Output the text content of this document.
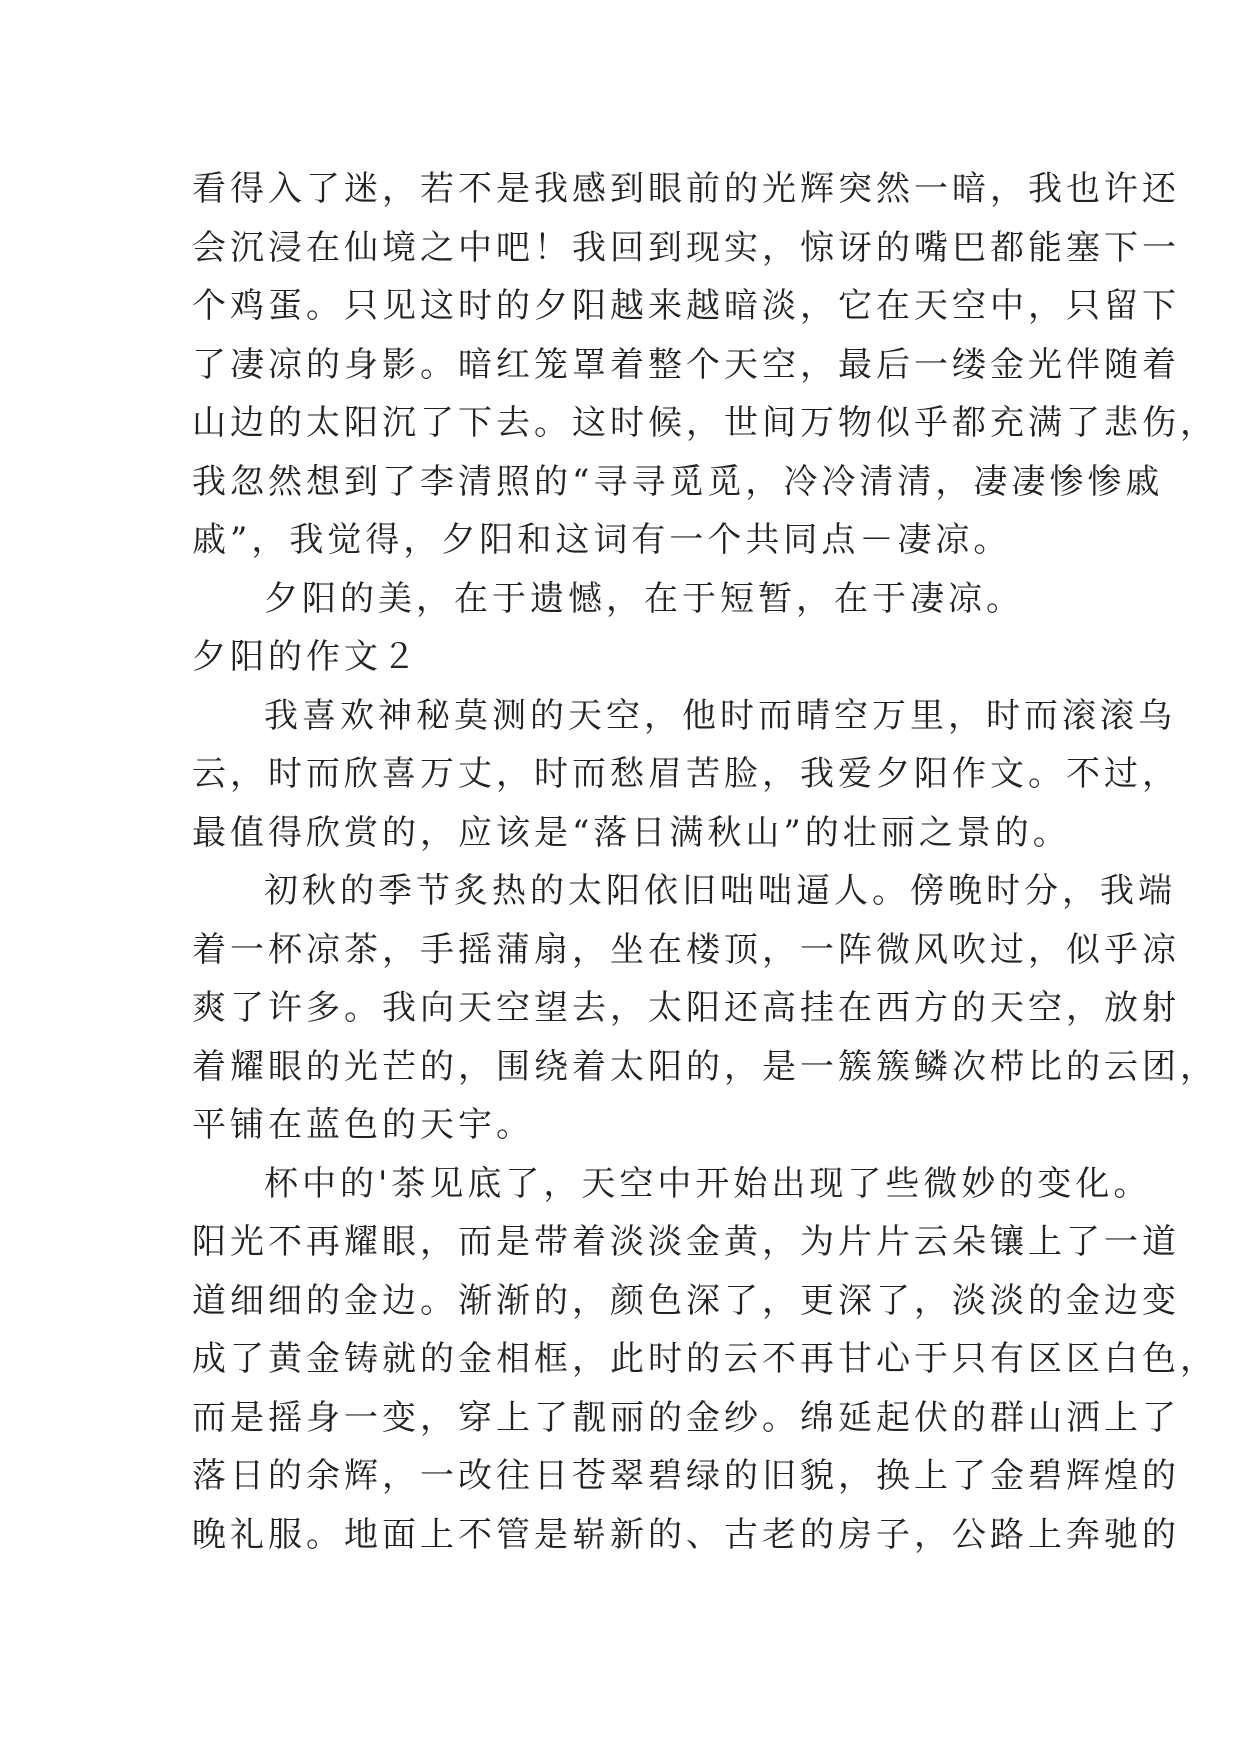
看得入了迷，若不是我感到眼前的光辉突然一暗，我也许还
会沉浸在仙境之中吧！我回到现实，惊讶的嘴巴都能塞下一
个鸡蛋。只见这时的夕阳越来越暗淡，它在天空中，只留下
了凄凉的身影。暗红笼罩着整个天空，最后一缕金光伴随着
山边的太阳沉了下去。这时候，世间万物似乎都充满了悲伤，
我忽然想到了李清照的“寻寻觅觅，冷冷清清，凄凄惨惨戚
戚”，我觉得，夕阳和这词有一个共同点－凄凉。
夕阳的美，在于遗憾，在于短暂，在于凄凉。
夕阳的作文２
我喜欢神秘莫测的天空，他时而晴空万里，时而滚滚乌
云，时而欣喜万丈，时而愁眉苦脸，我爱夕阳作文。不过，
最值得欣赏的，应该是“落日满秋山”的壮丽之景的。
初秋的季节炙热的太阳依旧咄咄逼人。傍晚时分，我端
着一杯凉茶，手摇蒲扇，坐在楼顶，一阵微风吹过，似乎凉
爽了许多。我向天空望去，太阳还高挂在西方的天空，放射
着耀眼的光芒的，围绕着太阳的，是一簇簇鳞次栉比的云团，
平铺在蓝色的天宇。
杯中的'茶见底了，天空中开始出现了些微妙的变化。
阳光不再耀眼，而是带着淡淡金黄，为片片云朵镶上了一道
道细细的金边。渐渐的，颜色深了，更深了，淡淡的金边变
成了黄金铸就的金相框，此时的云不再甘心于只有区区白色，
而是摇身一变，穿上了靓丽的金纱。绵延起伏的群山洒上了
落日的余辉，一改往日苍翠碧绿的旧貌，换上了金碧辉煌的
晚礼服。地面上不管是崭新的、古老的房子，公路上奔驰的
